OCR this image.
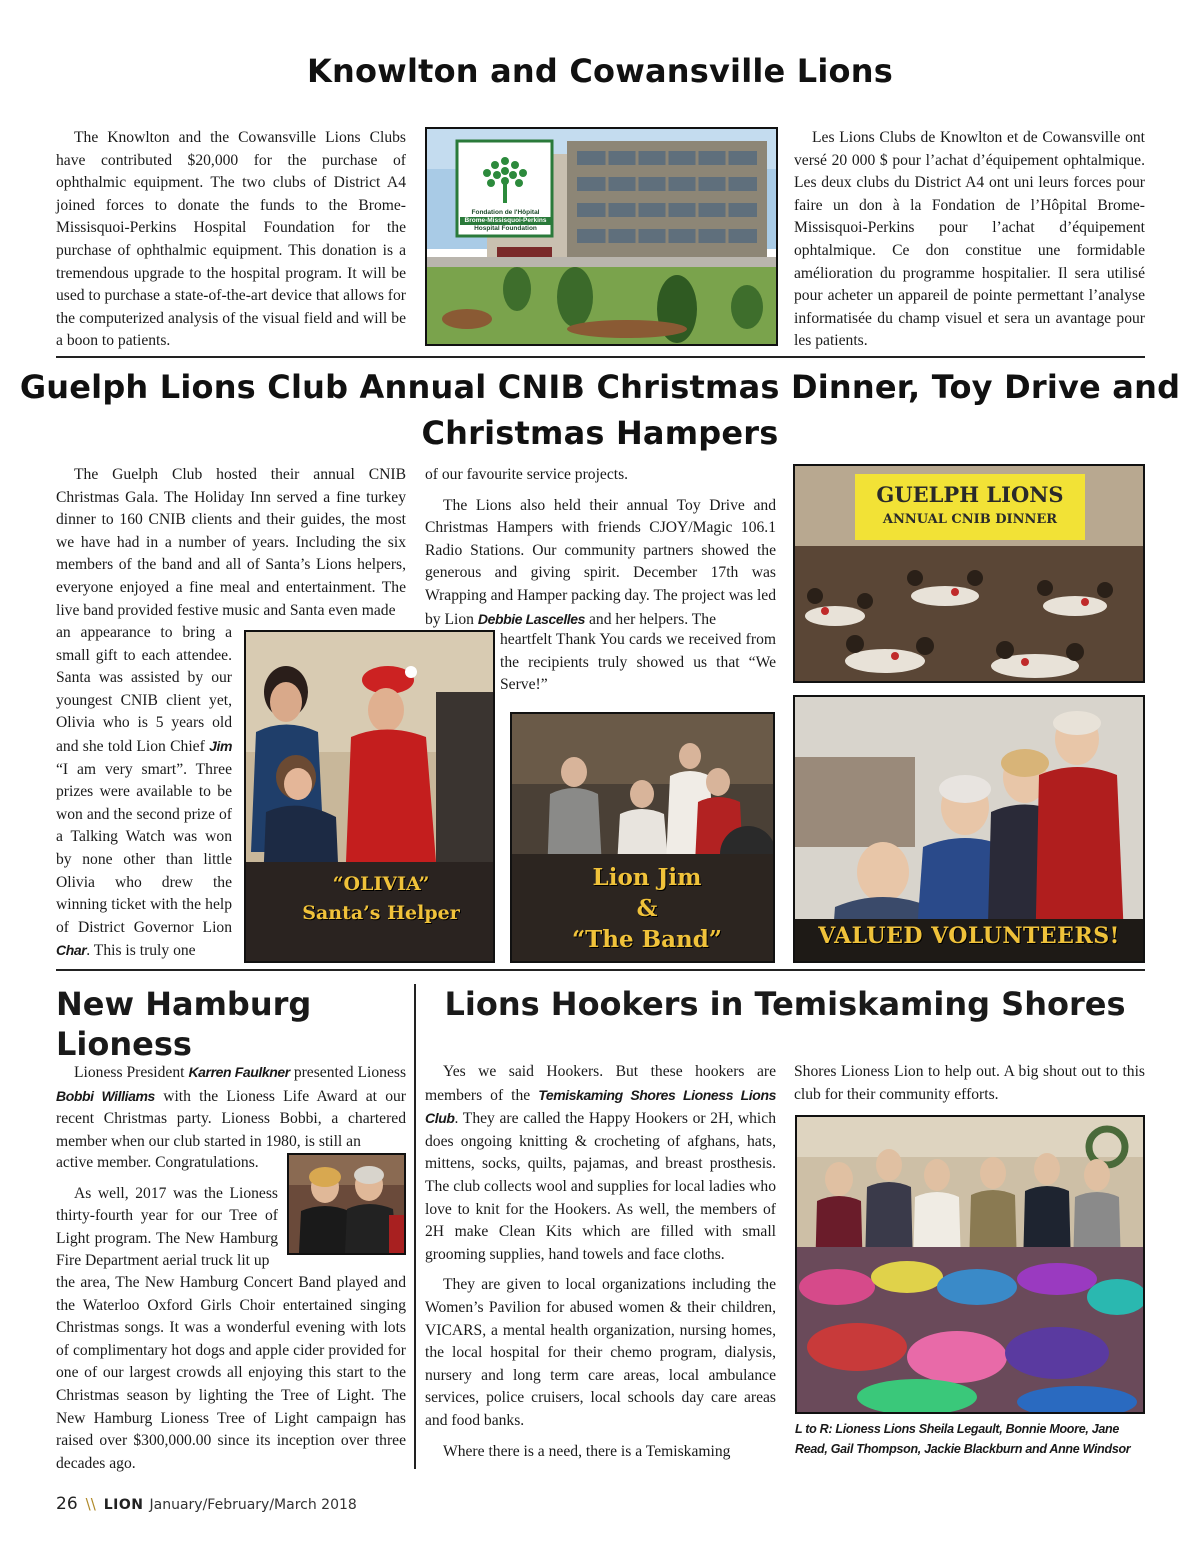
Knowlton and Cowansville Lions

The Knowlton and the Cowansville Lions Clubs have contributed $20,000 for the purchase of ophthalmic equipment. The two clubs of District A4 joined forces to donate the funds to the Brome-Missisquoi-Perkins Hospital Foundation for the purchase of ophthalmic equipment. This donation is a tremendous upgrade to the hospital program. It will be used to purchase a state-of-the-art device that allows for the computerized analysis of the visual field and will be a boon to patients.

Fondation de l'Hôpital
Brome-Missisquoi-Perkins
Hospital Foundation

Les Lions Clubs de Knowlton et de Cowansville ont versé 20 000 $ pour l’achat d’équipement ophtalmique. Les deux clubs du District A4 ont uni leurs forces pour faire un don à la Fondation de l’Hôpital Brome-Missisquoi-Perkins pour l’achat d’équipement ophtalmique. Ce don constitue une formidable amélioration du programme hospitalier. Il sera utilisé pour acheter un appareil de pointe permettant l’analyse informatisée du champ visuel et sera un avantage pour les patients.

Guelph Lions Club Annual CNIB Christmas Dinner, Toy Drive and
Christmas Hampers

The Guelph Club hosted their annual CNIB Christmas Gala. The Holiday Inn served a fine turkey dinner to 160 CNIB clients and their guides, the most we have had in a number of years. Including the six members of the band and all of Santa’s Lions helpers, everyone enjoyed a fine meal and entertainment. The live band provided festive music and Santa even made

an appearance to bring a small gift to each attendee. Santa was assisted by our youngest CNIB client yet, Olivia who is 5 years old and she told Lion Chief Jim “I am very smart”. Three prizes were available to be won and the second prize of a Talking Watch was won by none other than little Olivia who drew the winning ticket with the help of District Governor Lion Char. This is truly one

“OLIVIA”
Santa’s Helper

of our favourite service projects.

The Lions also held their annual Toy Drive and Christmas Hampers with friends CJOY/Magic 106.1 Radio Stations. Our community partners showed the generous and giving spirit. December 17th was Wrapping and Hamper packing day. The project was led by Lion Debbie Lascelles and her helpers. The

heartfelt Thank You cards we received from the recipients truly showed us that “We Serve!”

Lion Jim
&
“The Band”
GUELPH LIONS
ANNUAL CNIB DINNER
VALUED VOLUNTEERS!
New Hamburg Lioness

Lioness President Karren Faulkner presented Lioness Bobbi Williams with the Lioness Life Award at our recent Christmas party. Lioness Bobbi, a chartered member when our club started in 1980, is still an

active member. Congratulations.

As well, 2017 was the Lioness thirty-fourth year for our Tree of Light program. The New Hamburg Fire Department aerial truck lit up

the area, The New Hamburg Concert Band played and the Waterloo Oxford Girls Choir entertained singing Christmas songs. It was a wonderful evening with lots of complimentary hot dogs and apple cider provided for one of our largest crowds all enjoying this start to the Christmas season by lighting the Tree of Light. The New Hamburg Lioness Tree of Light campaign has raised over $300,000.00 since its inception over three decades ago.

Lions Hookers in Temiskaming Shores

Yes we said Hookers. But these hookers are members of the Temiskaming Shores Lioness Lions Club. They are called the Happy Hookers or 2H, which does ongoing knitting & crocheting of afghans, hats, mittens, socks, quilts, pajamas, and breast prosthesis. The club collects wool and supplies for local ladies who love to knit for the Hookers. As well, the members of 2H make Clean Kits which are filled with small grooming supplies, hand towels and face cloths.

They are given to local organizations including the Women’s Pavilion for abused women & their children, VICARS, a mental health organization, nursing homes, the local hospital for their chemo program, dialysis, nursery and long term care areas, local ambulance services, police cruisers, local schools day care areas and food banks.

Where there is a need, there is a Temiskaming

Shores Lioness Lion to help out. A big shout out to this club for their community efforts.

L to R: Lioness Lions Sheila Legault, Bonnie Moore, Jane Read, Gail Thompson, Jackie Blackburn and Anne Windsor
26 \\ LION January/February/March 2018
